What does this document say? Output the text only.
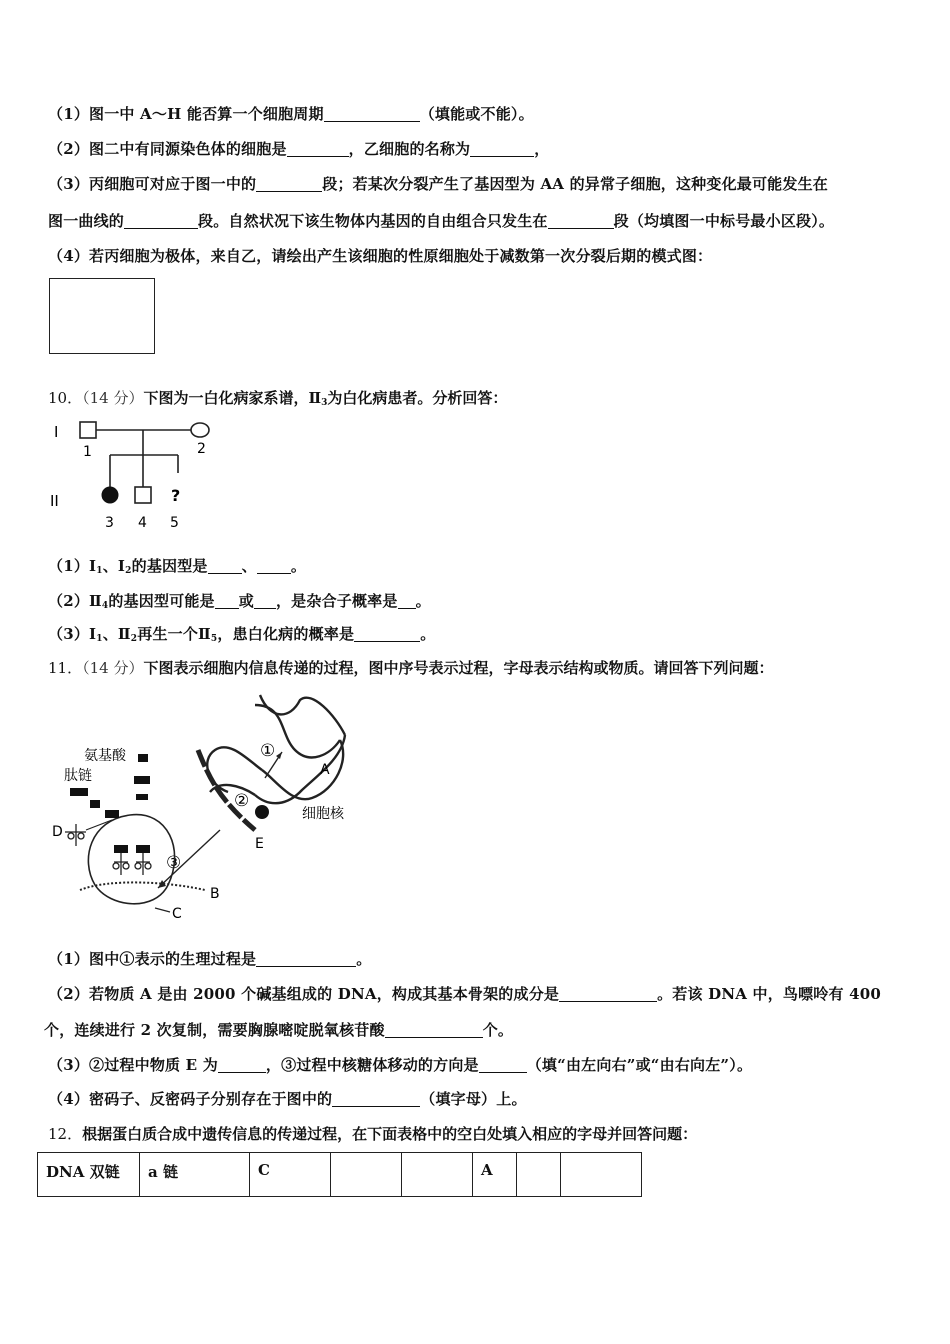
（1）图一中 A～H 能否算一个细胞周期	（填能或不能）。
（2）图二中有同源染色体的细胞是	，乙细胞的名称为	，
（3）丙细胞可对应于图一中的	段；若某次分裂产生了基因型为 AA 的异常子细胞，这种变化最可能发生在
图一曲线的	段。自然状况下该生物体内基因的自由组合只发生在	段（均填图一中标号最小区段）。
（4）若丙细胞为极体，来自乙，请绘出产生该细胞的性原细胞处于减数第一次分裂后期的模式图：
10．（14 分）下图为一白化病家系谱，$Ⅱ_3$为白化病患者。分析回答：
I
1	2
II	?
3 4 5
$(1)Ⅰ_1$、$Ⅰ_2$的基因型是 、 。
$(2)Ⅱ_4$的基因型可能是 或 ，是杂合子概率是 。
$(3)Ⅰ_1$、$Ⅱ_2$再生一个$Ⅱ_5$，患白化病的概率是	。
11．（14 分）下图表示细胞内信息传递的过程，图中序号表示过程，字母表示结构或物质。请回答下列问题：
①
②
③
A
E
细胞核
B
C
肽链
氨基酸
D
（1）图中①表示的生理过程是	。
（2）若物质 A 是由 2000 个碱基组成的 DNA，构成其基本骨架的成分是	。若该 DNA 中，鸟嘌呤有 400
个，连续进行 2 次复制，需要胸腺嘧啶脱氧核苷酸	个。
（3）②过程中物质 E 为	，③过程中核糖体移动的方向是	（填“由左向右”或“由右向左”）。
（4）密码子、反密码子分别存在于图中的	（填字母）上。
12．根据蛋白质合成中遗传信息的传递过程，在下面表格中的空白处填入相应的字母并回答问题：
DNA 双链	a 链	C			A		
